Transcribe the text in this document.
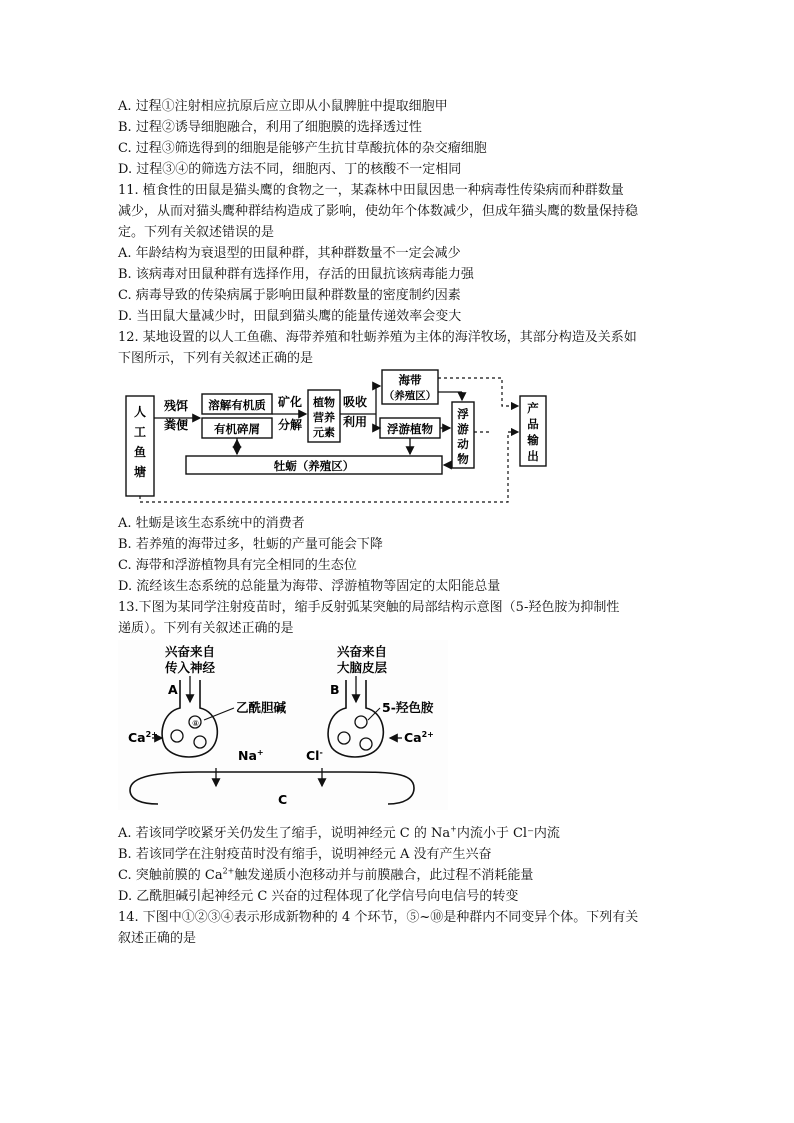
A. 过程①注射相应抗原后应立即从小鼠脾脏中提取细胞甲
B. 过程②诱导细胞融合，利用了细胞膜的选择透过性
C. 过程③筛选得到的细胞是能够产生抗甘草酸抗体的杂交瘤细胞
D. 过程③④的筛选方法不同，细胞丙、丁的核酸不一定相同
11. 植食性的田鼠是猫头鹰的食物之一，某森林中田鼠因患一种病毒性传染病而种群数量
减少，从而对猫头鹰种群结构造成了影响，使幼年个体数减少，但成年猫头鹰的数量保持稳
定。下列有关叙述错误的是
A. 年龄结构为衰退型的田鼠种群，其种群数量不一定会减少
B. 该病毒对田鼠种群有选择作用，存活的田鼠抗该病毒能力强
C. 病毒导致的传染病属于影响田鼠种群数量的密度制约因素
D. 当田鼠大量减少时，田鼠到猫头鹰的能量传递效率会变大
12. 某地设置的以人工鱼礁、海带养殖和牡蛎养殖为主体的海洋牧场，其部分构造及关系如
下图所示，下列有关叙述正确的是
人
工
鱼
塘
残饵
粪便
溶解有机质
有机碎屑
矿化
分解
植物
营养
元素
吸收
利用
海带
（养殖区）
浮游植物
浮
游
动
物
牡蛎（养殖区）
产
品
输
出
A. 牡蛎是该生态系统中的消费者
B. 若养殖的海带过多，牡蛎的产量可能会下降
C. 海带和浮游植物具有完全相同的生态位
D. 流经该生态系统的总能量为海带、浮游植物等固定的太阳能总量
13.下图为某同学注射疫苗时，缩手反射弧某突触的局部结构示意图（5-羟色胺为抑制性
递质）。下列有关叙述正确的是
兴奋来自
传入神经
兴奋来自
大脑皮层
A	B
⑧
乙酰胆碱	5-羟色胺
$Ca^{2+}$	$Ca^{2+}$
Na+	Cl-
C
A. 若该同学咬紧牙关仍发生了缩手，说明神经元 C 的 Na+内流小于 Cl⁻内流
B. 若该同学在注射疫苗时没有缩手，说明神经元 A 没有产生兴奋
C. 突触前膜的 $Ca^{2+}$触发递质小泡移动并与前膜融合，此过程不消耗能量
D. 乙酰胆碱引起神经元 C 兴奋的过程体现了化学信号向电信号的转变
14. 下图中①②③④表示形成新物种的 4 个环节，⑤~⑩是种群内不同变异个体。下列有关
叙述正确的是
